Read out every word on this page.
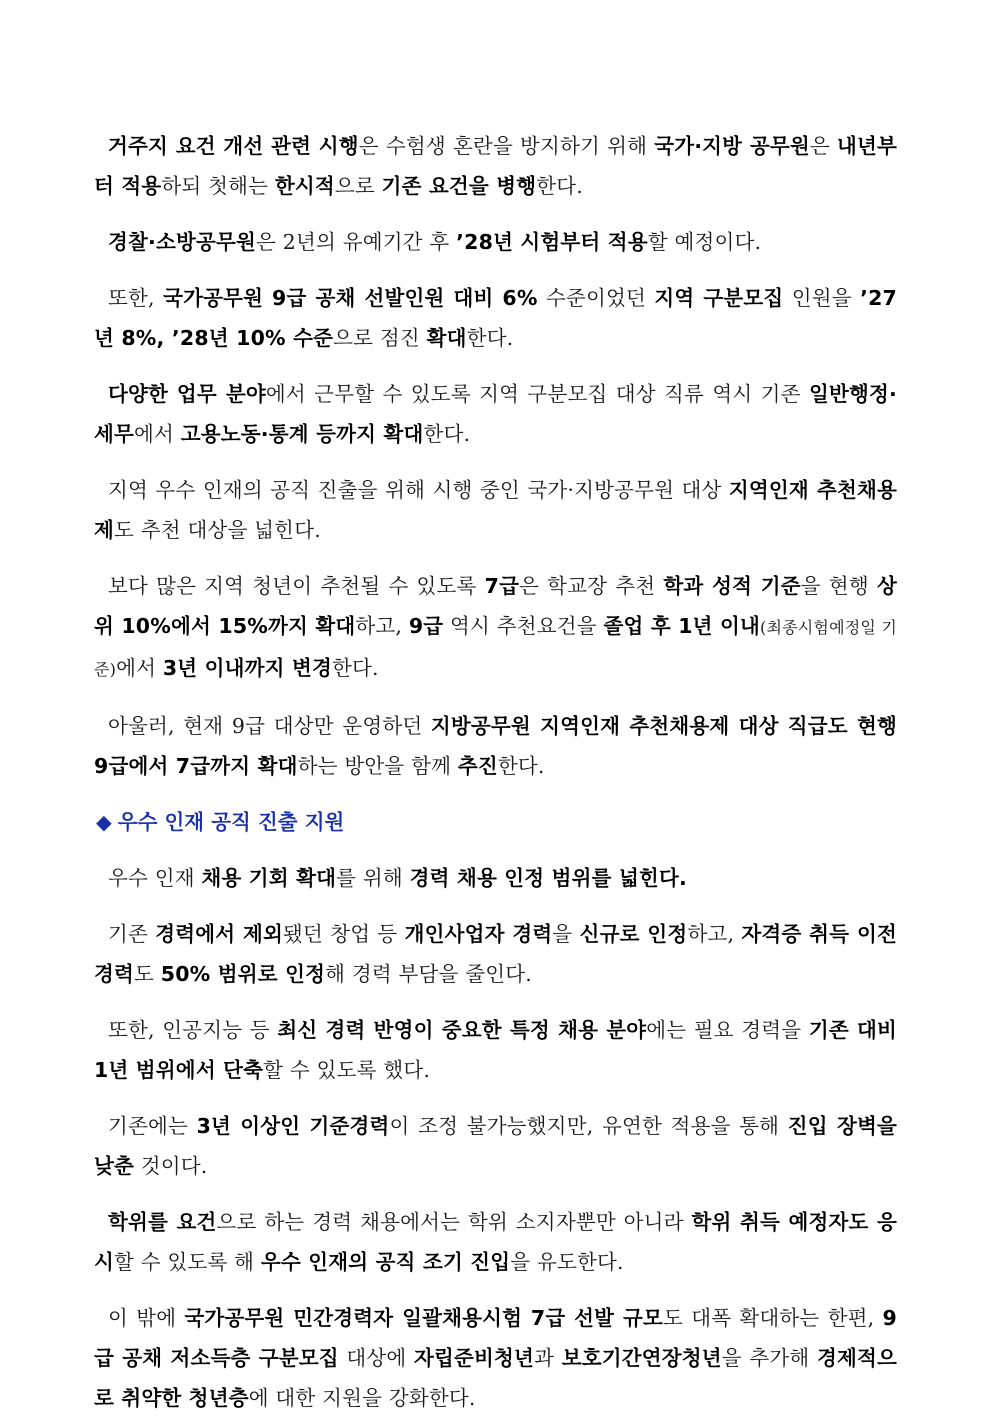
거주지 요건 개선 관련 시행은 수험생 혼란을 방지하기 위해 국가·지방 공무원은 내년부터 적용하되 첫해는 한시적으로 기존 요건을 병행한다.

경찰·소방공무원은 2년의 유예기간 후 ’28년 시험부터 적용할 예정이다.

또한, 국가공무원 9급 공채 선발인원 대비 6% 수준이었던 지역 구분모집 인원을 ’27년 8%, ’28년 10% 수준으로 점진 확대한다.

다양한 업무 분야에서 근무할 수 있도록 지역 구분모집 대상 직류 역시 기존 일반행정·세무에서 고용노동·통계 등까지 확대한다.

지역 우수 인재의 공직 진출을 위해 시행 중인 국가·지방공무원 대상 지역인재 추천채용제도 추천 대상을 넓힌다.

보다 많은 지역 청년이 추천될 수 있도록 7급은 학교장 추천 학과 성적 기준을 현행 상위 10%에서 15%까지 확대하고, 9급 역시 추천요건을 졸업 후 1년 이내(최종시험예정일 기준)에서 3년 이내까지 변경한다.

아울러, 현재 9급 대상만 운영하던 지방공무원 지역인재 추천채용제 대상 직급도 현행 9급에서 7급까지 확대하는 방안을 함께 추진한다.

◆ 우수 인재 공직 진출 지원

우수 인재 채용 기회 확대를 위해 경력 채용 인정 범위를 넓힌다.

기존 경력에서 제외됐던 창업 등 개인사업자 경력을 신규로 인정하고, 자격증 취득 이전 경력도 50% 범위로 인정해 경력 부담을 줄인다.

또한, 인공지능 등 최신 경력 반영이 중요한 특정 채용 분야에는 필요 경력을 기존 대비 1년 범위에서 단축할 수 있도록 했다.

기존에는 3년 이상인 기준경력이 조정 불가능했지만, 유연한 적용을 통해 진입 장벽을 낮춘 것이다.

학위를 요건으로 하는 경력 채용에서는 학위 소지자뿐만 아니라 학위 취득 예정자도 응시할 수 있도록 해 우수 인재의 공직 조기 진입을 유도한다.

이 밖에 국가공무원 민간경력자 일괄채용시험 7급 선발 규모도 대폭 확대하는 한편, 9급 공채 저소득층 구분모집 대상에 자립준비청년과 보호기간연장청년을 추가해 경제적으로 취약한 청년층에 대한 지원을 강화한다.
